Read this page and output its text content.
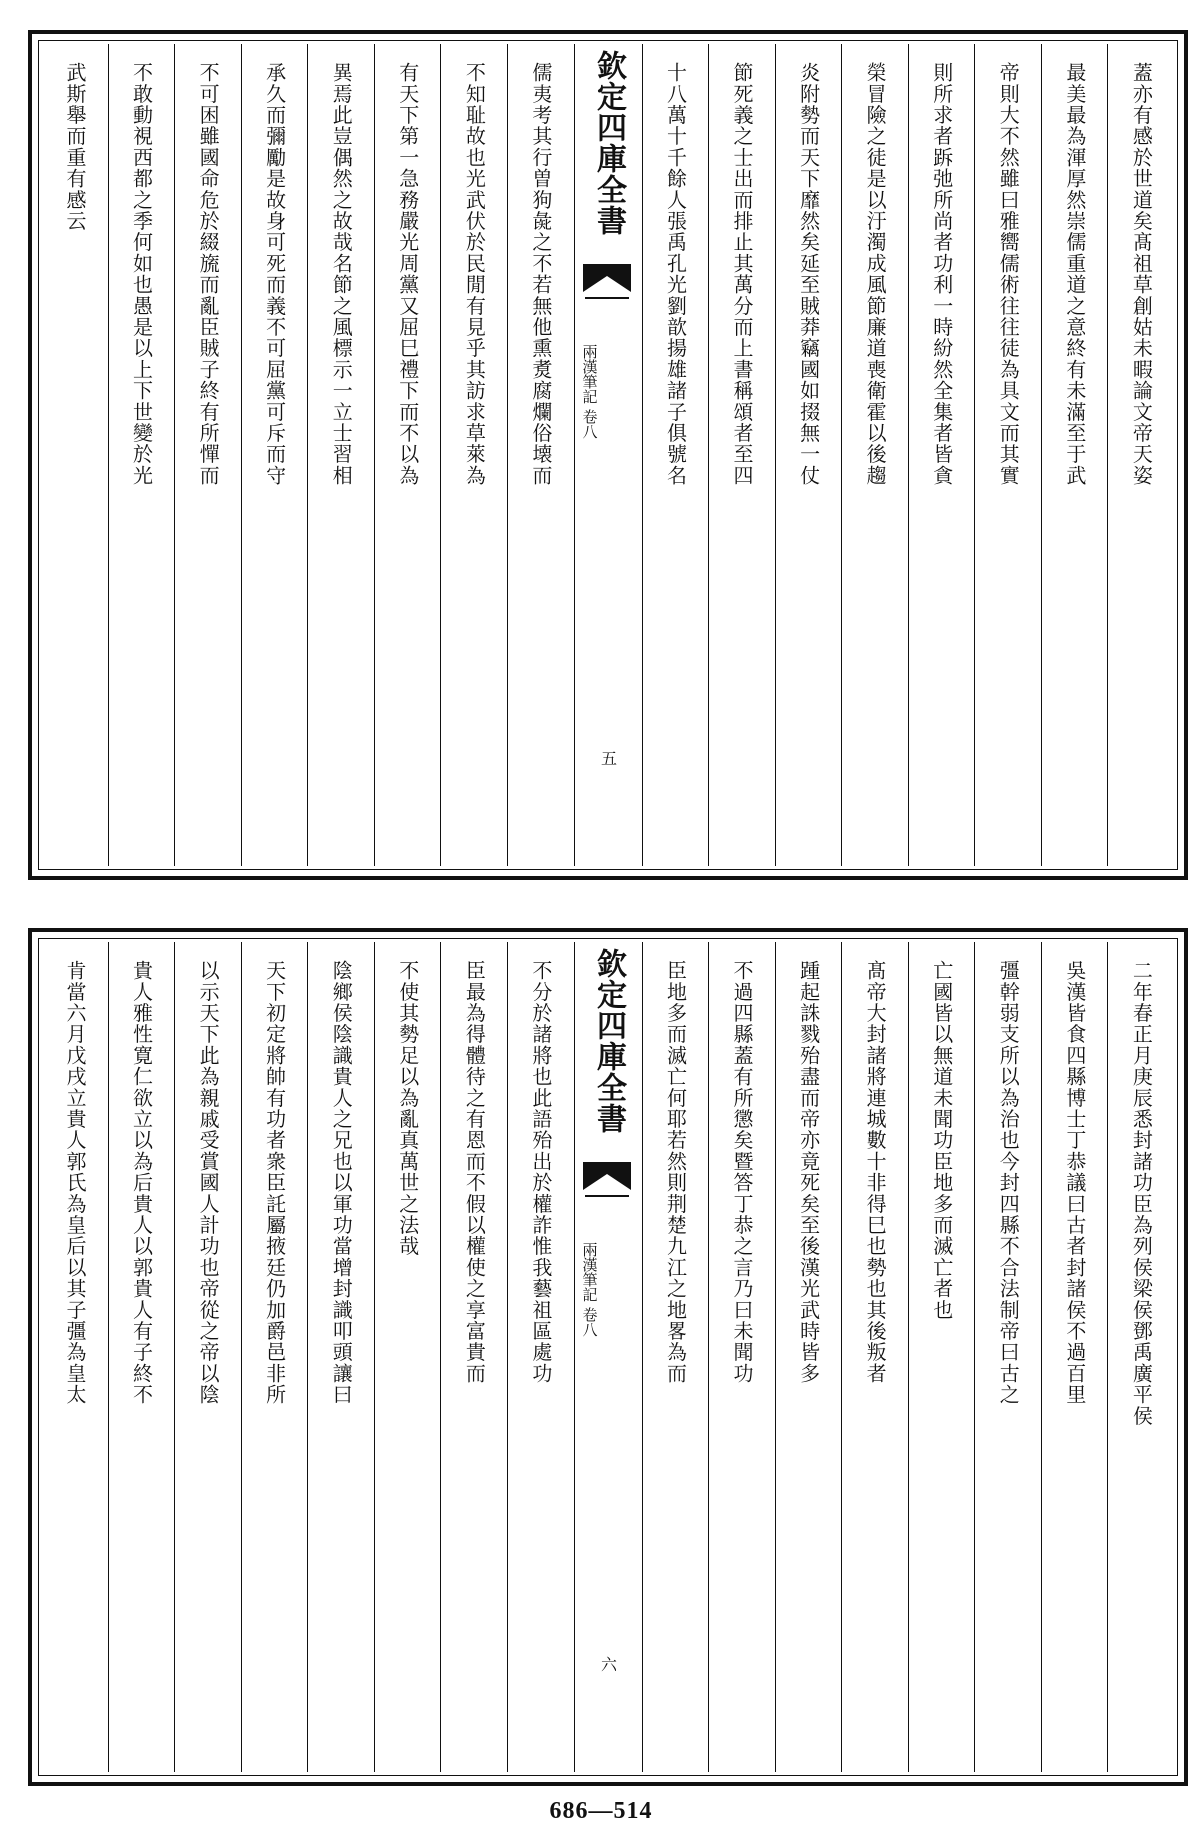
蓋亦有感於世道矣髙祖草創姑未暇論文帝天姿
最美最為渾厚然崇儒重道之意終有未滿至于武
帝則大不然雖曰雅嚮儒術往往徒為具文而其實
則所求者跅弛所尚者功利一時紛然全集者皆貪
榮冒險之徒是以汙濁成風節廉道喪衛霍以後趨
炎附勢而天下靡然矣延至賊莽竊國如掇無一仗
節死義之士出而排止其萬分而上書稱頌者至四
十八萬十千餘人張禹孔光劉歆揚雄諸子俱號名
欽定四庫全書
兩漢筆記 卷八
五
儒夷考其行曽狗彘之不若無他熏煑腐爛俗壊而
不知耻故也光武伏於民閒有見乎其訪求草萊為
有天下第一急務嚴光周黨又屈巳禮下而不以為
異焉此豈偶然之故哉名節之風標示一立士習相
承久而彌勵是故身可死而義不可屈黨可斥而守
不可困雖國命危於綴旒而亂臣賊子終有所憚而
不敢動視西都之季何如也愚是以上下世變於光
武斯舉而重有感云
二年春正月庚辰悉封諸功臣為列侯梁侯鄧禹廣平侯
吳漢皆食四縣博士丁恭議曰古者封諸侯不過百里
彊幹弱支所以為治也今封四縣不合法制帝曰古之
亡國皆以無道未聞功臣地多而滅亡者也
髙帝大封諸將連城數十非得巳也勢也其後叛者
踵起誅戮殆盡而帝亦竟死矣至後漢光武時皆多
不過四縣蓋有所懲矣暨答丁恭之言乃曰未聞功
臣地多而滅亡何耶若然則荆楚九江之地畧為而
欽定四庫全書
兩漢筆記 卷八
六
不分於諸將也此語殆出於權詐惟我藝祖區處功
臣最為得體待之有恩而不假以權使之享富貴而
不使其勢足以為亂真萬世之法哉
陰鄉侯陰識貴人之兄也以軍功當增封識叩頭讓曰
天下初定將帥有功者衆臣託屬掖廷仍加爵邑非所
以示天下此為親戚受賞國人計功也帝從之帝以陰
貴人雅性寛仁欲立以為后貴人以郭貴人有子終不
肯當六月戊戌立貴人郭氏為皇后以其子彊為皇太
686—514
